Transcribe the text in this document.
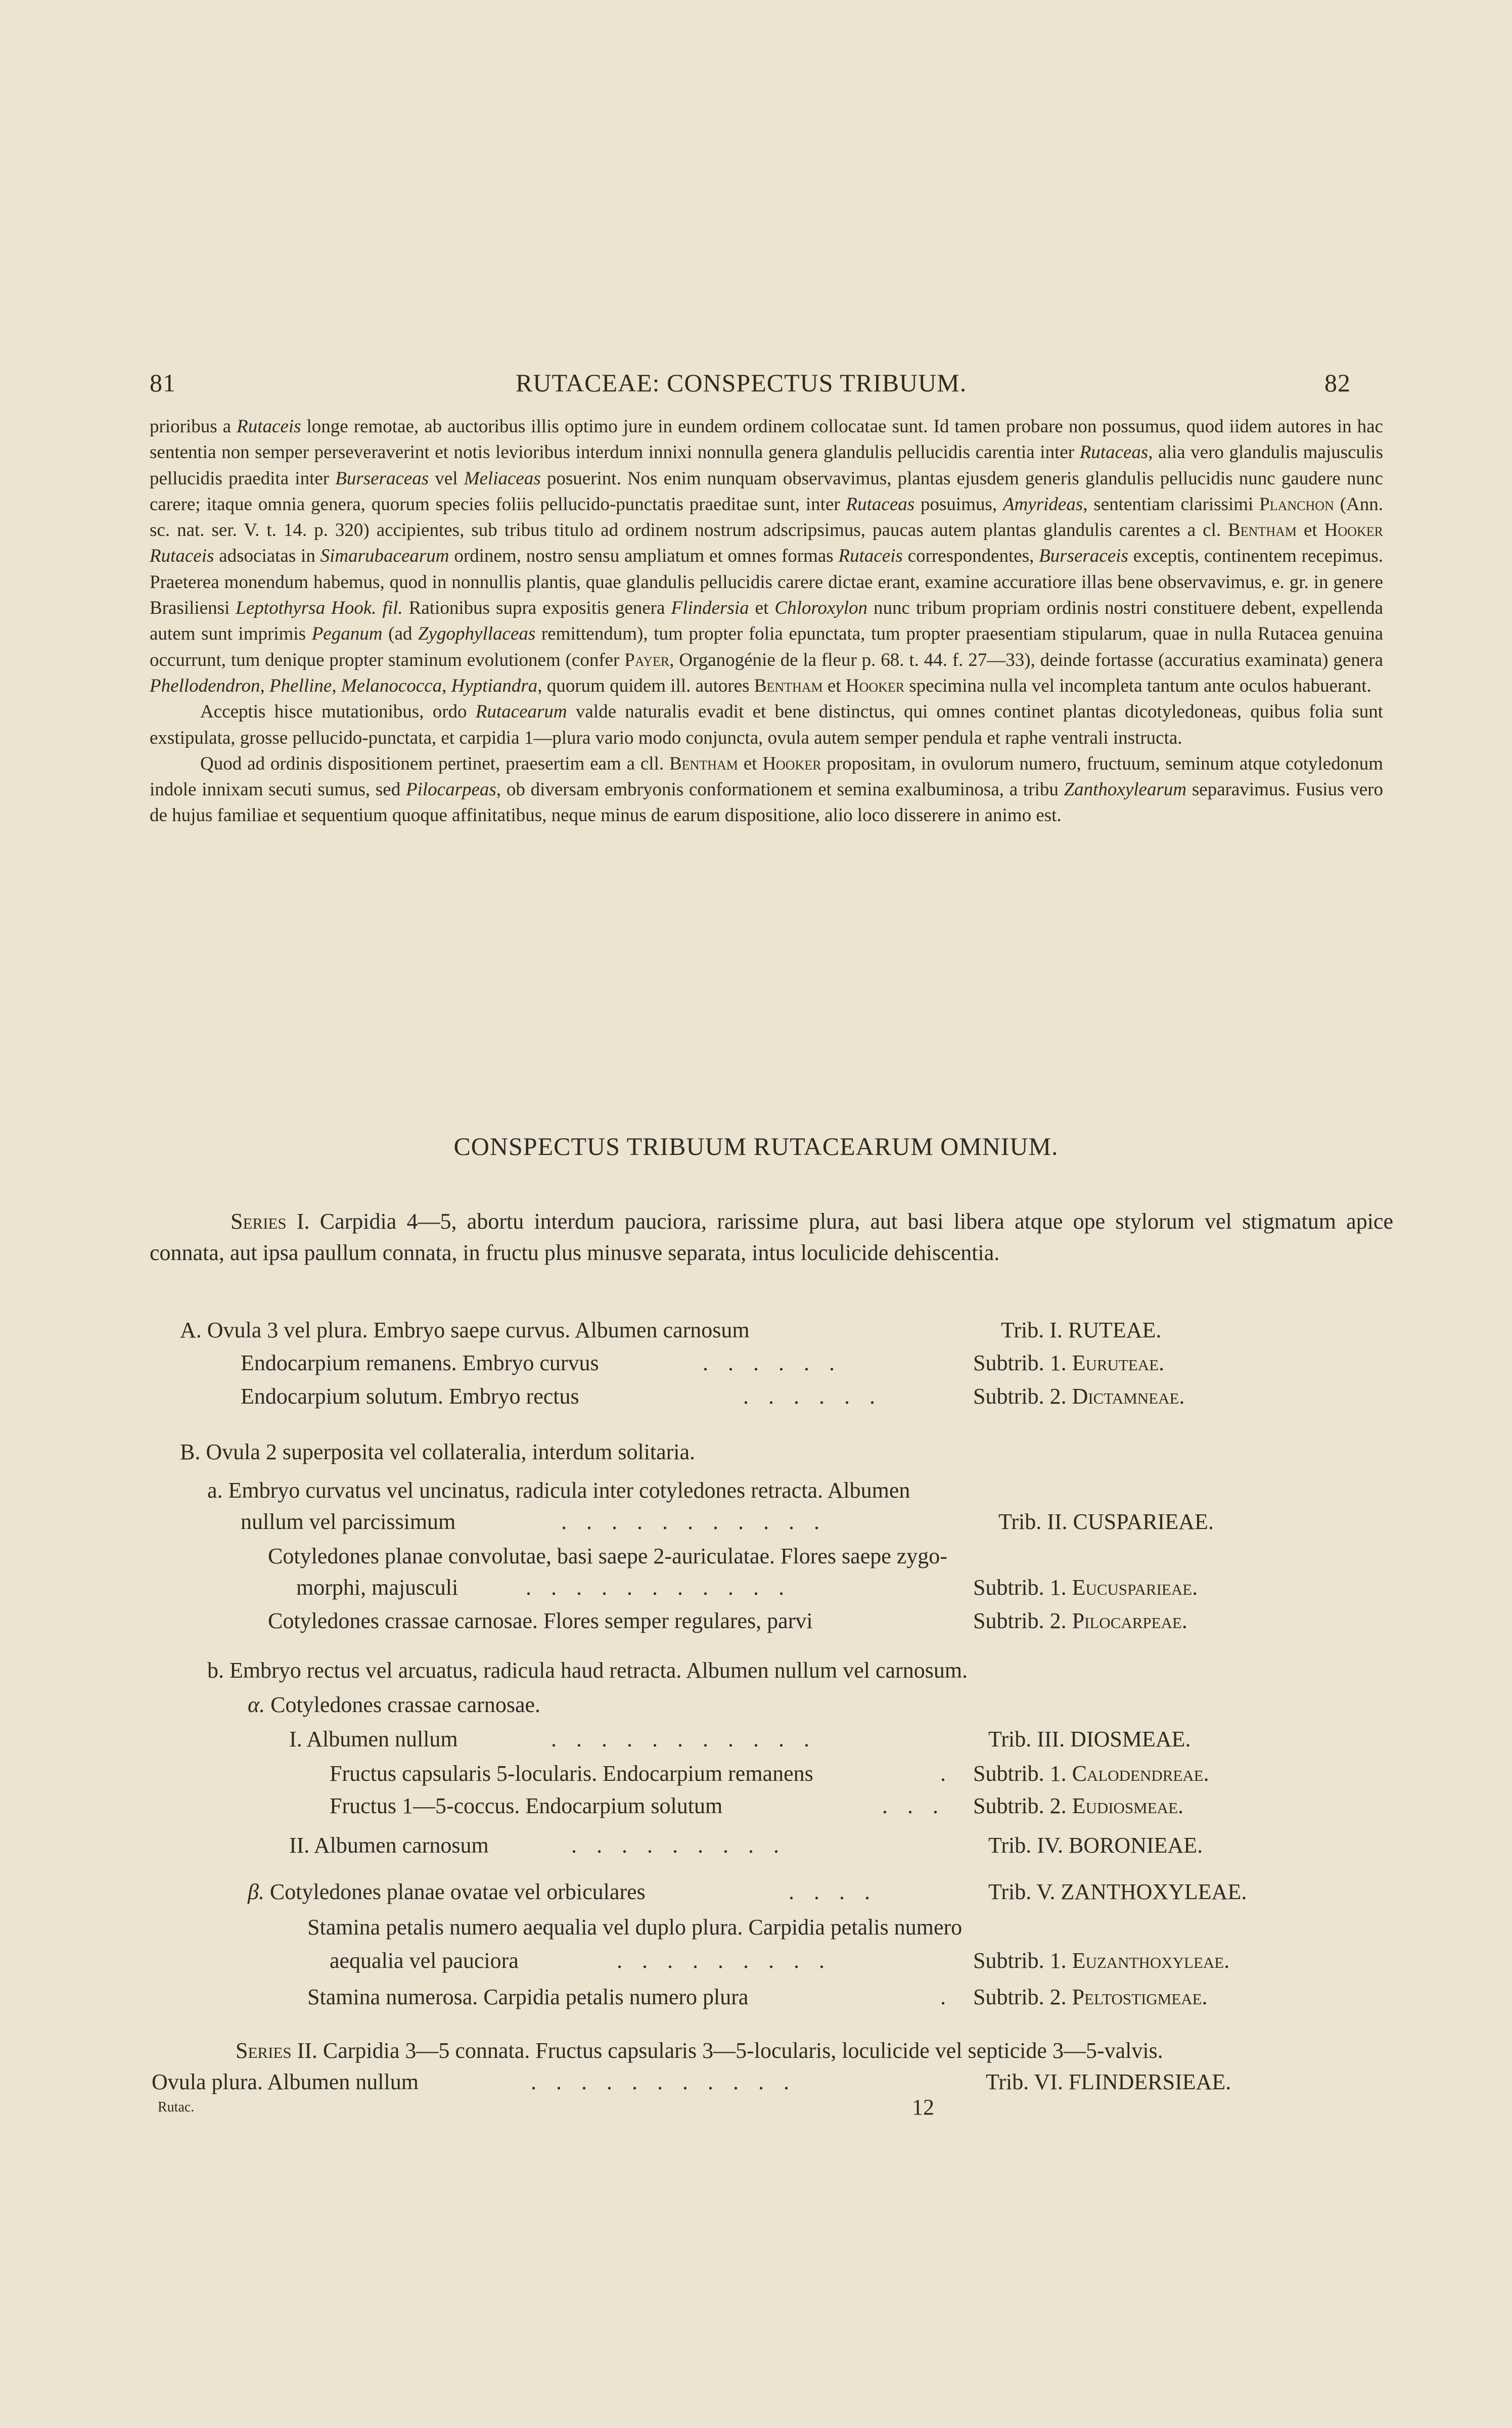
81	RUTACEAE: CONSPECTUS TRIBUUM.	82

prioribus a Rutaceis longe remotae, ab auctoribus illis optimo jure in eundem ordinem collocatae sunt. Id tamen probare non possumus, quod iidem autores in hac sententia non semper perseveraverint et notis levioribus interdum innixi nonnulla genera glandulis pellucidis carentia inter Rutaceas, alia vero glandulis majusculis pellucidis praedita inter Burseraceas vel Meliaceas posuerint. Nos enim nunquam observavimus, plantas ejusdem generis glandulis pellucidis nunc gaudere nunc carere; itaque omnia genera, quorum species foliis pellucido-punctatis praeditae sunt, inter Rutaceas posuimus, Amyrideas, sententiam clarissimi Planchon (Ann. sc. nat. ser. V. t. 14. p. 320) accipientes, sub tribus titulo ad ordinem nostrum adscripsimus, paucas autem plantas glandulis carentes a cl. Bentham et Hooker Rutaceis adsociatas in Simarubacearum ordinem, nostro sensu ampliatum et omnes formas Rutaceis correspondentes, Burseraceis exceptis, continentem recepimus. Praeterea monendum habemus, quod in nonnullis plantis, quae glandulis pellucidis carere dictae erant, examine accuratiore illas bene observavimus, e. gr. in genere Brasiliensi Leptothyrsa Hook. fil. Rationibus supra expositis genera Flindersia et Chloroxylon nunc tribum propriam ordinis nostri constituere debent, expellenda autem sunt imprimis Peganum (ad Zygophyllaceas remittendum), tum propter folia epunctata, tum propter praesentiam stipularum, quae in nulla Rutacea genuina occurrunt, tum denique propter staminum evolutionem (confer Payer, Organogénie de la fleur p. 68. t. 44. f. 27—33), deinde fortasse (accuratius examinata) genera Phellodendron, Phelline, Melanococca, Hyptiandra, quorum quidem ill. autores Bentham et Hooker specimina nulla vel incompleta tantum ante oculos habuerant.

Acceptis hisce mutationibus, ordo Rutacearum valde naturalis evadit et bene distinctus, qui omnes continet plantas dicotyledoneas, quibus folia sunt exstipulata, grosse pellucido-punctata, et carpidia 1—plura vario modo conjuncta, ovula autem semper pendula et raphe ventrali instructa.

Quod ad ordinis dispositionem pertinet, praesertim eam a cll. Bentham et Hooker propositam, in ovulorum numero, fructuum, seminum atque cotyledonum indole innixam secuti sumus, sed Pilocarpeas, ob diversam embryonis conformationem et semina exalbuminosa, a tribu Zanthoxylearum separavimus. Fusius vero de hujus familiae et sequentium quoque affinitatibus, neque minus de earum dispositione, alio loco disserere in animo est.

CONSPECTUS TRIBUUM RUTACEARUM OMNIUM.

Series I. Carpidia 4—5, abortu interdum pauciora, rarissime plura, aut basi libera atque ope stylorum vel stigmatum apice connata, aut ipsa paullum connata, in fructu plus minusve separata, intus loculicide dehiscentia.

A. Ovula 3 vel plura. Embryo saepe curvus. Albumen carnosum	Trib. I. RUTEAE.
Endocarpium remanens. Embryo curvus	. . . . . .	Subtrib. 1. Euruteae.
Endocarpium solutum. Embryo rectus	. . . . . .	Subtrib. 2. Dictamneae.
B. Ovula 2 superposita vel collateralia, interdum solitaria.
a. Embryo curvatus vel uncinatus, radicula inter cotyledones retracta. Albumen
nullum vel parcissimum	. . . . . . . . . . .	Trib. II. CUSPARIEAE.
Cotyledones planae convolutae, basi saepe 2-auriculatae. Flores saepe zygo-
morphi, majusculi	. . . . . . . . . . .	Subtrib. 1. Eucusparieae.
Cotyledones crassae carnosae. Flores semper regulares, parvi	Subtrib. 2. Pilocarpeae.
b. Embryo rectus vel arcuatus, radicula haud retracta. Albumen nullum vel carnosum.
α. Cotyledones crassae carnosae.
I. Albumen nullum	. . . . . . . . . . .	Trib. III. DIOSMEAE.
Fructus capsularis 5-locularis. Endocarpium remanens	. Subtrib. 1. Calodendreae.
Fructus 1—5-coccus. Endocarpium solutum	. . . Subtrib. 2. Eudiosmeae.
II. Albumen carnosum	. . . . . . . . .	Trib. IV. BORONIEAE.
β. Cotyledones planae ovatae vel orbiculares	. . . .	Trib. V. ZANTHOXYLEAE.
Stamina petalis numero aequalia vel duplo plura. Carpidia petalis numero
aequalia vel pauciora	. . . . . . . . .	Subtrib. 1. Euzanthoxyleae.
Stamina numerosa. Carpidia petalis numero plura	. Subtrib. 2. Peltostigmeae.
Series II. Carpidia 3—5 connata. Fructus capsularis 3—5-locularis, loculicide vel septicide 3—5-valvis.
Ovula plura. Albumen nullum	. . . . . . . . . . .	Trib. VI. FLINDERSIEAE.
Rutac.	12
